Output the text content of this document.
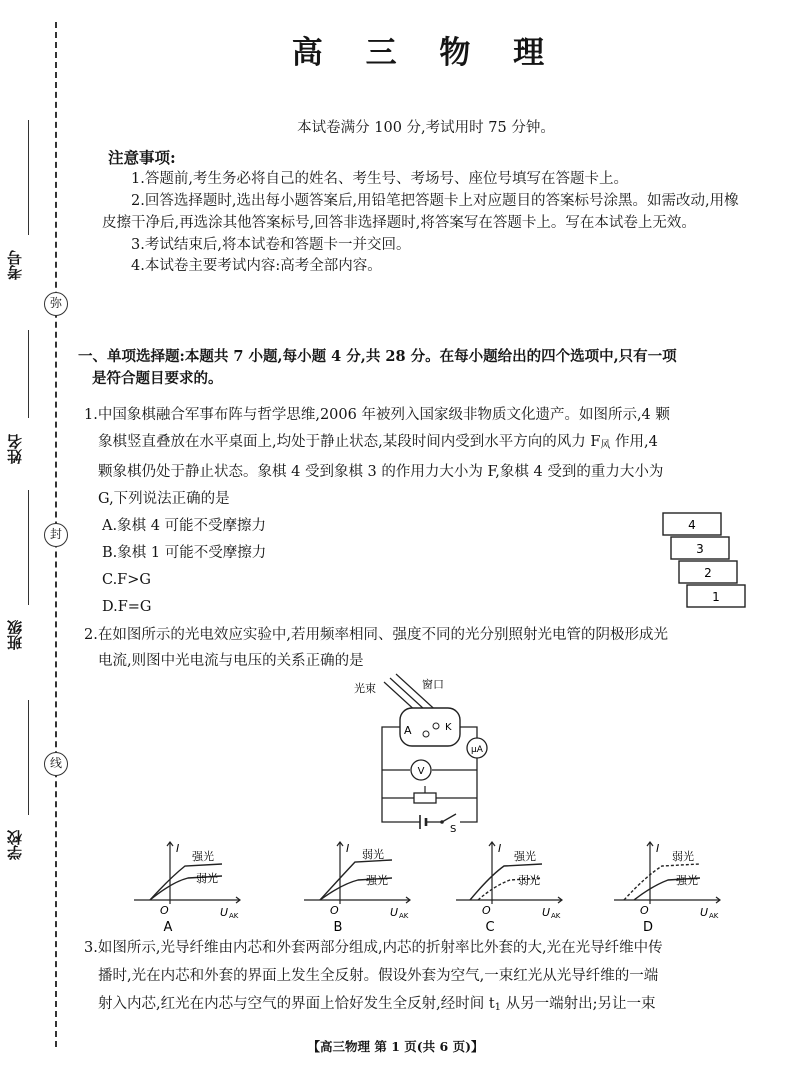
弥
封
线
考号
姓名
班级
学校
高 三 物 理
本试卷满分 100 分,考试用时 75 分钟。
注意事项:
1.答题前,考生务必将自己的姓名、考生号、考场号、座位号填写在答题卡上。
2.回答选择题时,选出每小题答案后,用铅笔把答题卡上对应题目的答案标号涂黑。如需改动,用橡皮擦干净后,再选涂其他答案标号,回答非选择题时,将答案写在答题卡上。写在本试卷上无效。
3.考试结束后,将本试卷和答题卡一并交回。
4.本试卷主要考试内容:高考全部内容。
一、单项选择题:本题共 7 小题,每小题 4 分,共 28 分。在每小题给出的四个选项中,只有一项
是符合题目要求的。
1.中国象棋融合军事布阵与哲学思维,2006 年被列入国家级非物质文化遗产。如图所示,4 颗
象棋竖直叠放在水平桌面上,均处于静止状态,某段时间内受到水平方向的风力 $F_风$ 作用,4
颗象棋仍处于静止状态。象棋 4 受到象棋 3 的作用力大小为 F,象棋 4 受到的重力大小为
G,下列说法正确的是
A.象棋 4 可能不受摩擦力
B.象棋 1 可能不受摩擦力
C.F>G
D.F=G
2.在如图所示的光电效应实验中,若用频率相同、强度不同的光分别照射光电管的阴极形成光
电流,则图中光电流与电压的关系正确的是
3.如图所示,光导纤维由内芯和外套两部分组成,内芯的折射率比外套的大,光在光导纤维中传
播时,光在内芯和外套的界面上发生全反射。假设外套为空气,一束红光从光导纤维的一端
射入内芯,红光在内芯与空气的界面上恰好发生全反射,经时间 $t_1$ 从另一端射出;另让一束
4
3
2
1
光束	窗口
A	K
μA
V
S
强光
弱光
I
O	U AK
A
弱光
强光
I
O	U AK
B
强光
弱光
I
O	U AK
C
弱光
强光
I
O	U AK
D
【高三物理 第 1 页(共 6 页)】
